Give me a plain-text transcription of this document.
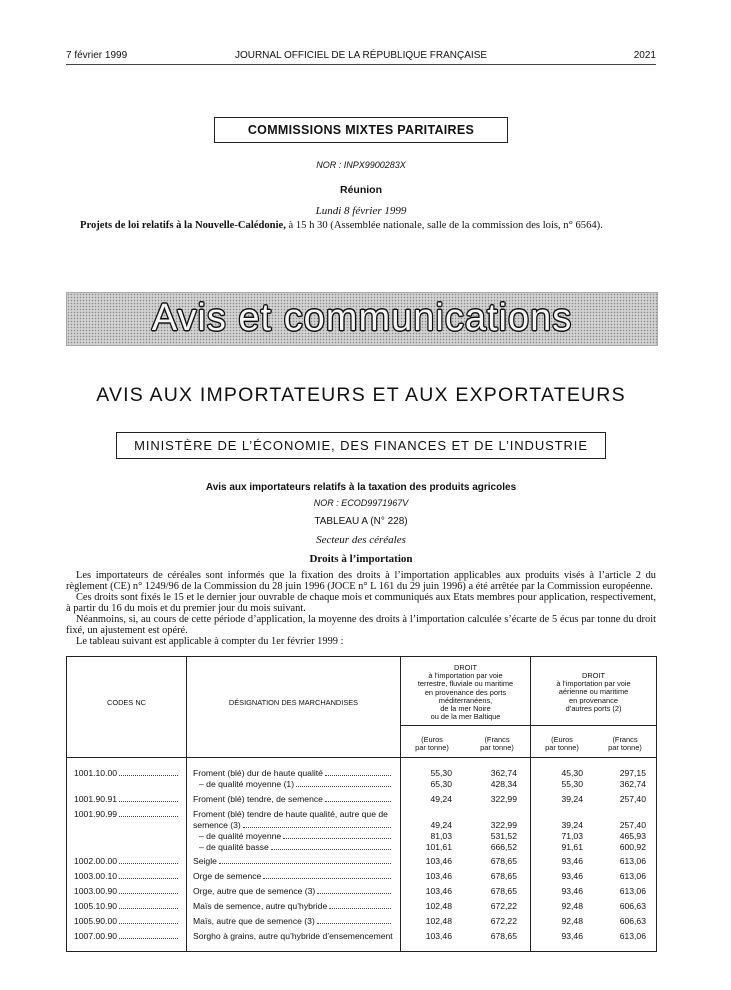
7 février 1999	JOURNAL OFFICIEL DE LA RÉPUBLIQUE FRANÇAISE	2021
COMMISSIONS MIXTES PARITAIRES
NOR : INPX9900283X
Réunion
Lundi 8 février 1999
Projets de loi relatifs à la Nouvelle-Calédonie, à 15 h 30 (Assemblée nationale, salle de la commission des lois, n° 6564).
Avis et communications
AVIS AUX IMPORTATEURS ET AUX EXPORTATEURS
MINISTÈRE DE L’ÉCONOMIE, DES FINANCES ET DE L’INDUSTRIE
Avis aux importateurs relatifs à la taxation des produits agricoles
NOR : ECOD9971967V
TABLEAU A (N° 228)
Secteur des céréales
Droits à l’importation
Les importateurs de céréales sont informés que la fixation des droits à l’importation applicables aux produits visés à l’article 2 du règlement (CE) n° 1249/96 de la Commission du 28 juin 1996 (JOCE n° L 161 du 29 juin 1996) a été arrêtée par la Commission européenne.
Ces droits sont fixés le 15 et le dernier jour ouvrable de chaque mois et communiqués aux Etats membres pour application, respectivement, à partir du 16 du mois et du premier jour du mois suivant.
Néanmoins, si, au cours de cette période d’application, la moyenne des droits à l’importation calculée s’écarte de 5 écus par tonne du droit fixé, un ajustement est opéré.
Le tableau suivant est applicable à compter du 1er février 1999 :
CODES NC	DÉSIGNATION DES MARCHANDISES
DROIT
à l’importation par voie
terrestre, fluviale ou maritime
en provenance des ports
méditerranéens,
de la mer Noire
ou de la mer Baltique
DROIT
à l’importation par voie
aérienne ou maritime
en provenance
d’autres ports (2)
(Euros
par tonne)
(Francs
par tonne)
(Euros
par tonne)
(Francs
par tonne)
1001.10.00	Froment (blé) dur de haute qualité	55,30	362,74	45,30	297,15
– de qualité moyenne (1)	65,30	428,34	55,30	362,74
1001.90.91	Froment (blé) tendre, de semence	49,24	322,99	39,24	257,40
1001.90.99	Froment (blé) tendre de haute qualité, autre que de
semence (3)	49,24	322,99	39,24	257,40
– de qualité moyenne	81,03	531,52	71,03	465,93
– de qualité basse	101,61	666,52	91,61	600,92
1002.00.00	Seigle	103,46	678,65	93,46	613,06
1003.00.10	Orge de semence	103,46	678,65	93,46	613,06
1003.00.90	Orge, autre que de semence (3)	103,46	678,65	93,46	613,06
1005.10.90	Maïs de semence, autre qu’hybride	102,48	672,22	92,48	606,63
1005.90.00	Maïs, autre que de semence (3)	102,48	672,22	92,48	606,63
1007.00.90	Sorgho à grains, autre qu’hybride d’ensemencement	103,46	678,65	93,46	613,06
